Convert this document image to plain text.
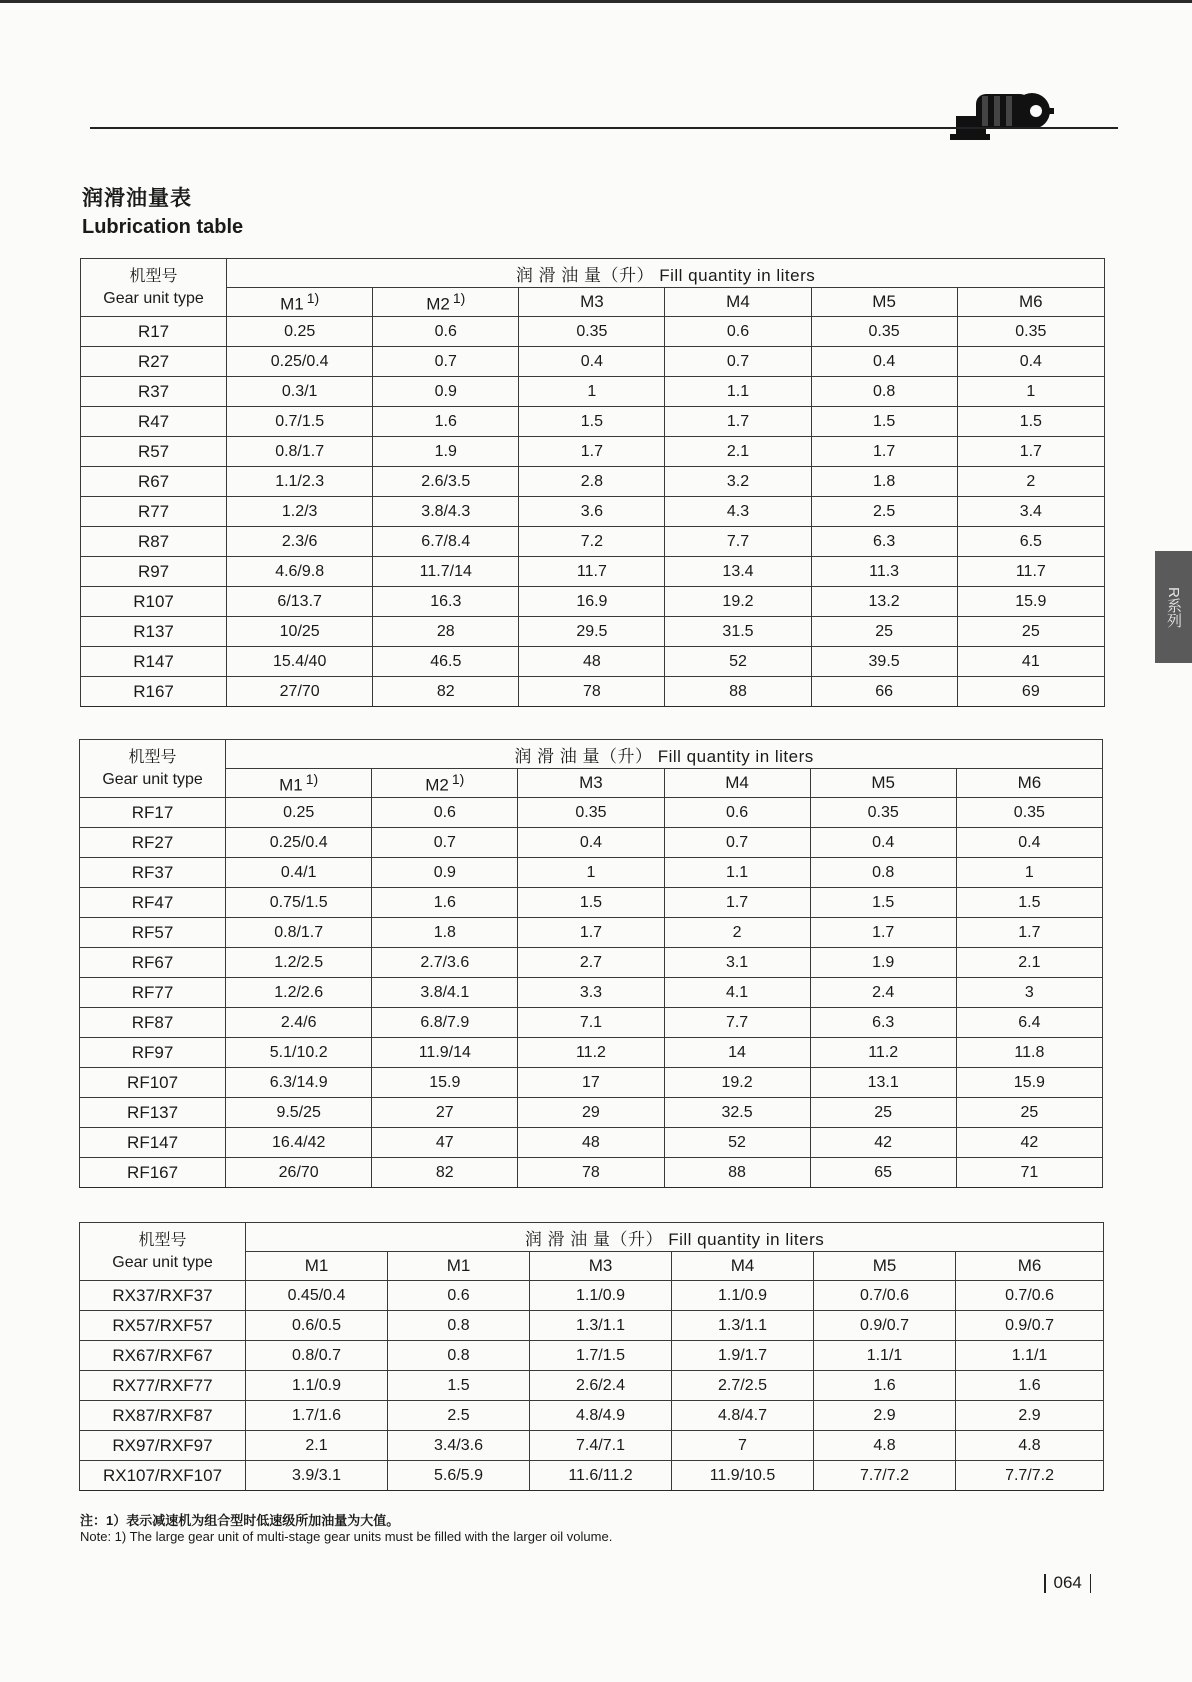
润滑油量表
Lubrication table
R系列
机型号
Gear unit type	润 滑 油 量（升） Fill quantity in liters					
	M1 $^{1)}$	M2 $^{1)}$	M3	M4	M5	M6
R17	0.25	0.6	0.35	0.6	0.35	0.35
R27	0.25/0.4	0.7	0.4	0.7	0.4	0.4
R37	0.3/1	0.9	1	1.1	0.8	1
R47	0.7/1.5	1.6	1.5	1.7	1.5	1.5
R57	0.8/1.7	1.9	1.7	2.1	1.7	1.7
R67	1.1/2.3	2.6/3.5	2.8	3.2	1.8	2
R77	1.2/3	3.8/4.3	3.6	4.3	2.5	3.4
R87	2.3/6	6.7/8.4	7.2	7.7	6.3	6.5
R97	4.6/9.8	11.7/14	11.7	13.4	11.3	11.7
R107	6/13.7	16.3	16.9	19.2	13.2	15.9
R137	10/25	28	29.5	31.5	25	25
R147	15.4/40	46.5	48	52	39.5	41
R167	27/70	82	78	88	66	69
机型号
Gear unit type	润 滑 油 量（升） Fill quantity in liters					
	M1 $^{1)}$	M2 $^{1)}$	M3	M4	M5	M6
RF17	0.25	0.6	0.35	0.6	0.35	0.35
RF27	0.25/0.4	0.7	0.4	0.7	0.4	0.4
RF37	0.4/1	0.9	1	1.1	0.8	1
RF47	0.75/1.5	1.6	1.5	1.7	1.5	1.5
RF57	0.8/1.7	1.8	1.7	2	1.7	1.7
RF67	1.2/2.5	2.7/3.6	2.7	3.1	1.9	2.1
RF77	1.2/2.6	3.8/4.1	3.3	4.1	2.4	3
RF87	2.4/6	6.8/7.9	7.1	7.7	6.3	6.4
RF97	5.1/10.2	11.9/14	11.2	14	11.2	11.8
RF107	6.3/14.9	15.9	17	19.2	13.1	15.9
RF137	9.5/25	27	29	32.5	25	25
RF147	16.4/42	47	48	52	42	42
RF167	26/70	82	78	88	65	71
机型号
Gear unit type	润 滑 油 量（升） Fill quantity in liters					
	M1	M1	M3	M4	M5	M6
RX37/RXF37	0.45/0.4	0.6	1.1/0.9	1.1/0.9	0.7/0.6	0.7/0.6
RX57/RXF57	0.6/0.5	0.8	1.3/1.1	1.3/1.1	0.9/0.7	0.9/0.7
RX67/RXF67	0.8/0.7	0.8	1.7/1.5	1.9/1.7	1.1/1	1.1/1
RX77/RXF77	1.1/0.9	1.5	2.6/2.4	2.7/2.5	1.6	1.6
RX87/RXF87	1.7/1.6	2.5	4.8/4.9	4.8/4.7	2.9	2.9
RX97/RXF97	2.1	3.4/3.6	7.4/7.1	7	4.8	4.8
RX107/RXF107	3.9/3.1	5.6/5.9	11.6/11.2	11.9/10.5	7.7/7.2	7.7/7.2
注：1）表示减速机为组合型时低速级所加油量为大值。
Note: 1) The large gear unit of multi-stage gear units must be filled with the larger oil volume.
064
